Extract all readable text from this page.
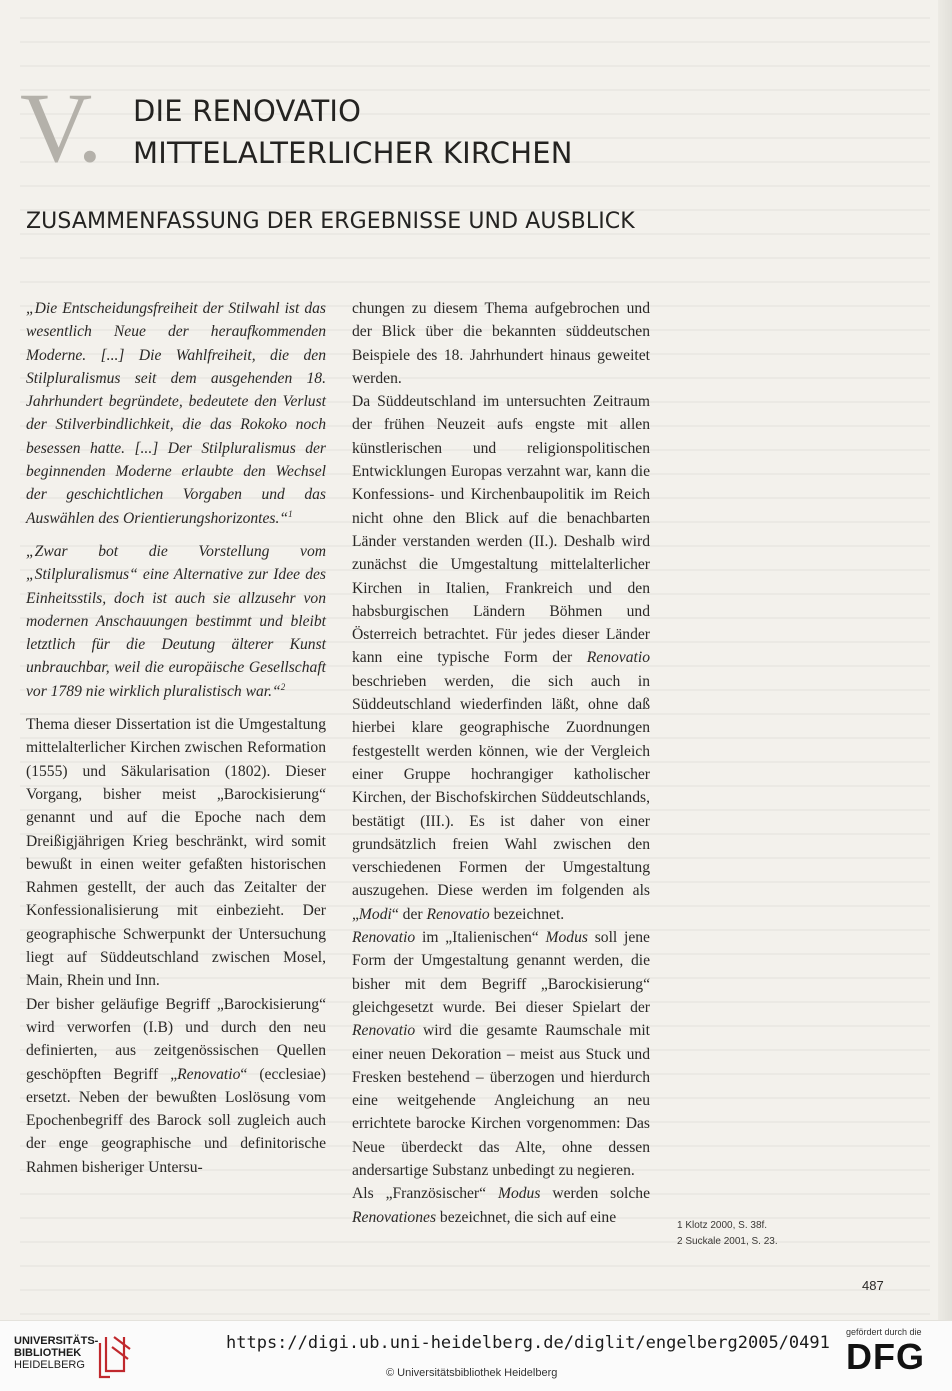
V. DIE RENOVATIO
MITTELALTERLICHER KIRCHEN
ZUSAMMENFASSUNG DER ERGEBNISSE UND AUSBLICK

„Die Entscheidungsfreiheit der Stilwahl ist das wesentlich Neue der heraufkommenden Moderne. [...] Die Wahlfreiheit, die den Stilpluralismus seit dem ausgehenden 18. Jahrhundert begründete, bedeutete den Verlust der Stilverbindlichkeit, die das Rokoko noch besessen hatte. [...] Der Stilpluralismus der beginnenden Moderne erlaubte den Wechsel der geschichtlichen Vorgaben und das Auswählen des Orientierungshorizontes.“$^1$

„Zwar bot die Vorstellung vom „Stilpluralismus“ eine Alternative zur Idee des Einheitsstils, doch ist auch sie allzusehr von modernen Anschauungen bestimmt und bleibt letztlich für die Deutung älterer Kunst unbrauchbar, weil die europäische Gesellschaft vor 1789 nie wirklich pluralistisch war.“$^2$

Thema dieser Dissertation ist die Umgestaltung mittelalterlicher Kirchen zwischen Reformation (1555) und Säkularisation (1802). Dieser Vorgang, bisher meist „Barockisierung“ genannt und auf die Epoche nach dem Dreißigjährigen Krieg beschränkt, wird somit bewußt in einen weiter gefaßten historischen Rahmen gestellt, der auch das Zeitalter der Konfessionalisierung mit einbezieht. Der geographische Schwerpunkt der Untersuchung liegt auf Süddeutschland zwischen Mosel, Main, Rhein und Inn.

Der bisher geläufige Begriff „Barockisierung“ wird verworfen (I.B) und durch den neu definierten, aus zeitgenössischen Quellen geschöpften Begriff „Renovatio“ (ecclesiae) ersetzt. Neben der bewußten Loslösung vom Epochenbegriff des Barock soll zugleich auch der enge geographische und definitorische Rahmen bisheriger Untersu-

chungen zu diesem Thema aufgebrochen und der Blick über die bekannten süddeutschen Beispiele des 18. Jahrhundert hinaus geweitet werden.

Da Süddeutschland im untersuchten Zeitraum der frühen Neuzeit aufs engste mit allen künstlerischen und religionspolitischen Entwicklungen Europas verzahnt war, kann die Konfessions- und Kirchenbaupolitik im Reich nicht ohne den Blick auf die benachbarten Länder verstanden werden (II.). Deshalb wird zunächst die Umgestaltung mittelalterlicher Kirchen in Italien, Frankreich und den habsburgischen Ländern Böhmen und Österreich betrachtet. Für jedes dieser Länder kann eine typische Form der Renovatio beschrieben werden, die sich auch in Süddeutschland wiederfinden läßt, ohne daß hierbei klare geographische Zuordnungen festgestellt werden können, wie der Vergleich einer Gruppe hochrangiger katholischer Kirchen, der Bischofskirchen Süddeutschlands, bestätigt (III.). Es ist daher von einer grundsätzlich freien Wahl zwischen den verschiedenen Formen der Umgestaltung auszugehen. Diese werden im folgenden als „Modi“ der Renovatio bezeichnet.

Renovatio im „Italienischen“ Modus soll jene Form der Umgestaltung genannt werden, die bisher mit dem Begriff „Barockisierung“ gleichgesetzt wurde. Bei dieser Spielart der Renovatio wird die gesamte Raumschale mit einer neuen Dekoration – meist aus Stuck und Fresken bestehend – überzogen und hierdurch eine weitgehende Angleichung an neu errichtete barocke Kirchen vorgenommen: Das Neue überdeckt das Alte, ohne dessen andersartige Substanz unbedingt zu negieren.

Als „Französischer“ Modus werden solche Renovationes bezeichnet, die sich auf eine	1 Klotz 2000, S. 38f.
2 Suckale 2001, S. 23.
487
UNIVERSITÄTS-
BIBLIOTHEK
HEIDELBERG
https://digi.ub.uni-heidelberg.de/diglit/engelberg2005/0491
© Universitätsbibliothek Heidelberg
gefördert durch die
DFG
